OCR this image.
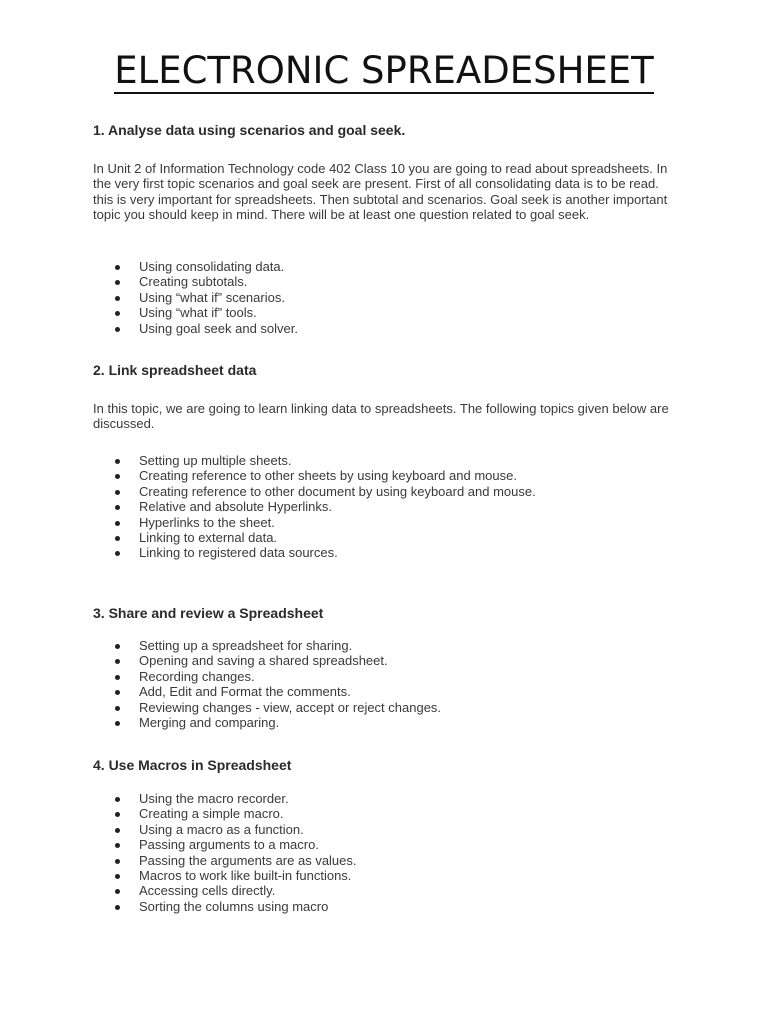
ELECTRONIC SPREADESHEET
1. Analyse data using scenarios and goal seek.

In Unit 2 of Information Technology code 402 Class 10 you are going to read about spreadsheets. In the very first topic scenarios and goal seek are present. First of all consolidating data is to be read. this is very important for spreadsheets. Then subtotal and scenarios. Goal seek is another important topic you should keep in mind. There will be at least one question related to goal seek.

Using consolidating data.
Creating subtotals.
Using “what if” scenarios.
Using “what if” tools.
Using goal seek and solver.
2. Link spreadsheet data

In this topic, we are going to learn linking data to spreadsheets. The following topics given below are discussed.

Setting up multiple sheets.
Creating reference to other sheets by using keyboard and mouse.
Creating reference to other document by using keyboard and mouse.
Relative and absolute Hyperlinks.
Hyperlinks to the sheet.
Linking to external data.
Linking to registered data sources.
3. Share and review a Spreadsheet
Setting up a spreadsheet for sharing.
Opening and saving a shared spreadsheet.
Recording changes.
Add, Edit and Format the comments.
Reviewing changes - view, accept or reject changes.
Merging and comparing.
4. Use Macros in Spreadsheet
Using the macro recorder.
Creating a simple macro.
Using a macro as a function.
Passing arguments to a macro.
Passing the arguments are as values.
Macros to work like built-in functions.
Accessing cells directly.
Sorting the columns using macro
